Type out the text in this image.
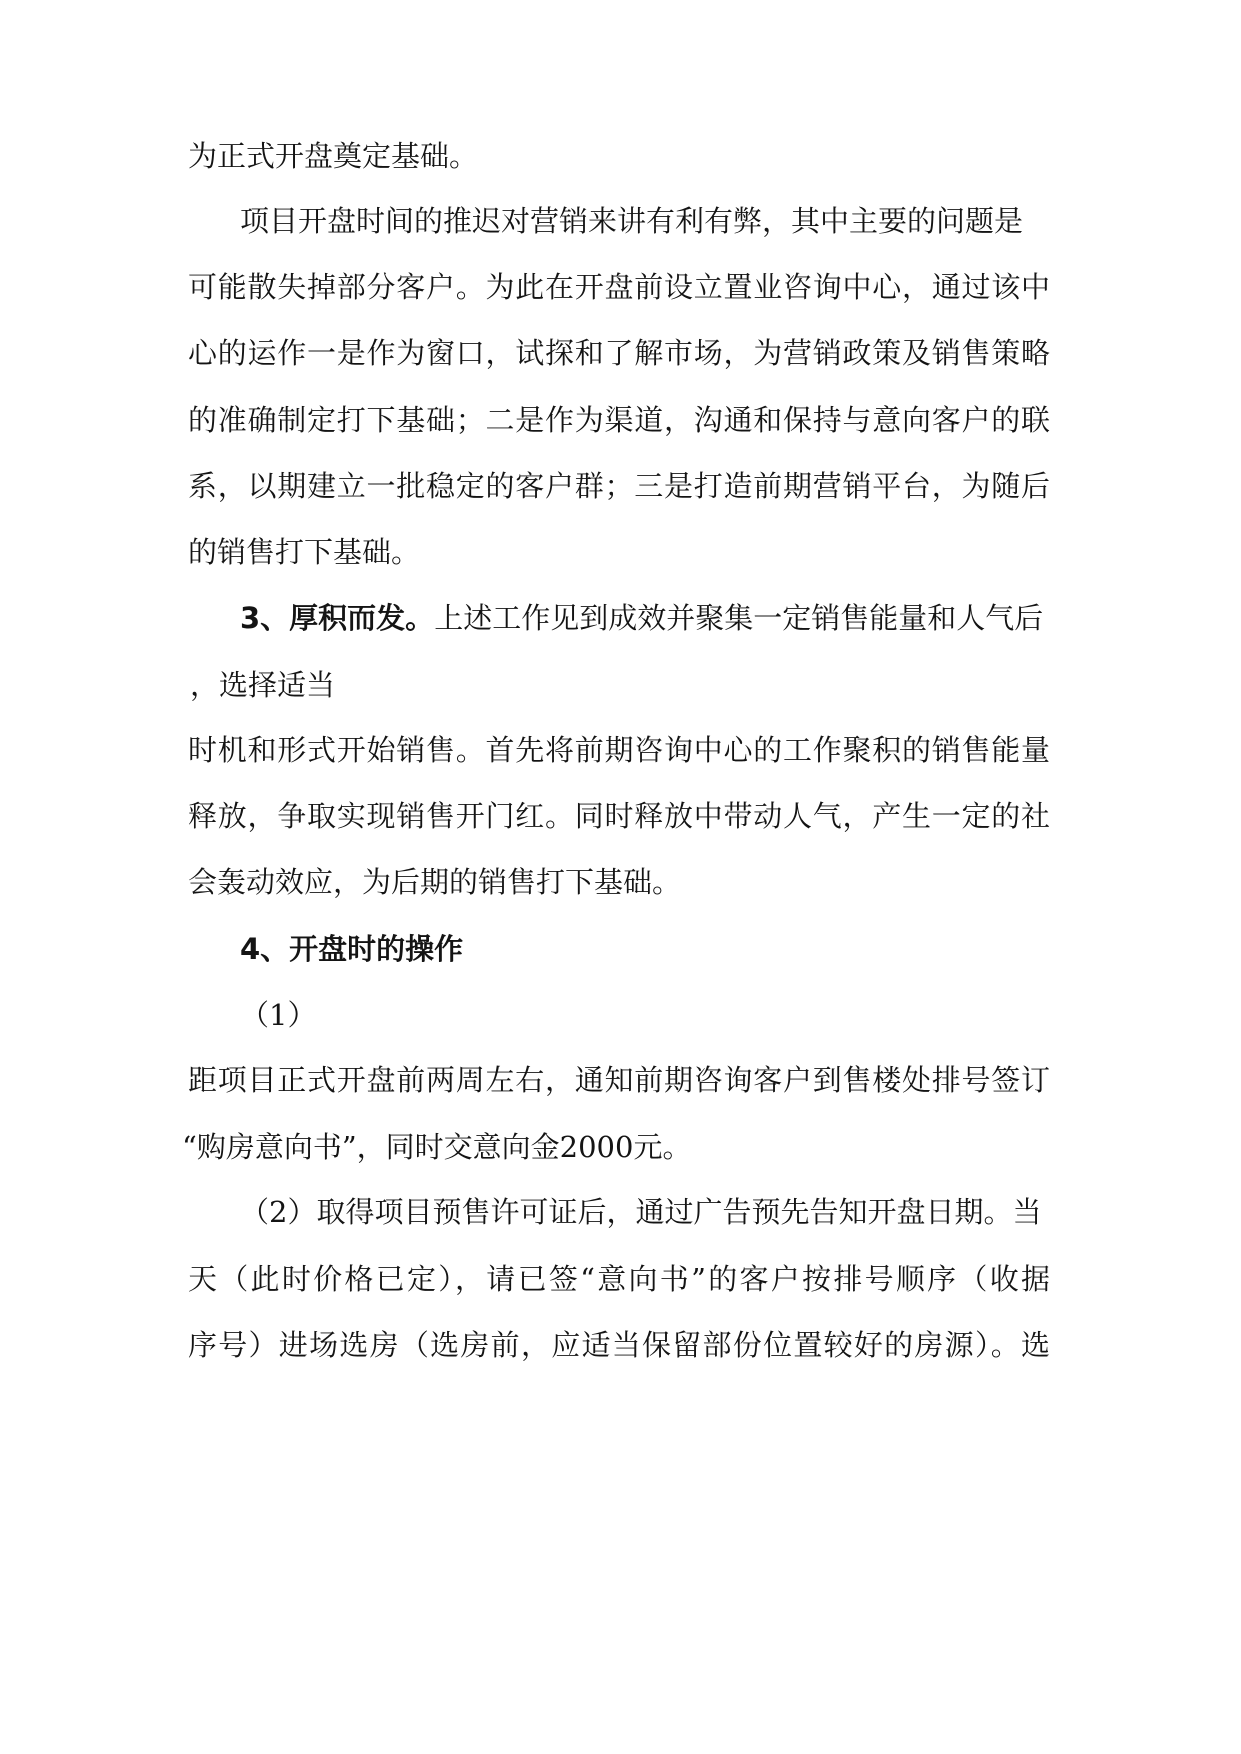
为正式开盘奠定基础。
项目开盘时间的推迟对营销来讲有利有弊，其中主要的问题是
可能散失掉部分客户。为此在开盘前设立置业咨询中心，通过该中
心的运作一是作为窗口，试探和了解市场，为营销政策及销售策略
的准确制定打下基础；二是作为渠道，沟通和保持与意向客户的联
系，以期建立一批稳定的客户群；三是打造前期营销平台，为随后
的销售打下基础。
3、厚积而发。上述工作见到成效并聚集一定销售能量和人气后
，选择适当
时机和形式开始销售。首先将前期咨询中心的工作聚积的销售能量
释放，争取实现销售开门红。同时释放中带动人气，产生一定的社
会轰动效应，为后期的销售打下基础。
4、开盘时的操作
（1）
距项目正式开盘前两周左右，通知前期咨询客户到售楼处排号签订
“购房意向书”，同时交意向金2000元。
（2）取得项目预售许可证后，通过广告预先告知开盘日期。当
天（此时价格已定），请已签“意向书”的客户按排号顺序（收据
序号）进场选房（选房前，应适当保留部份位置较好的房源）。选
